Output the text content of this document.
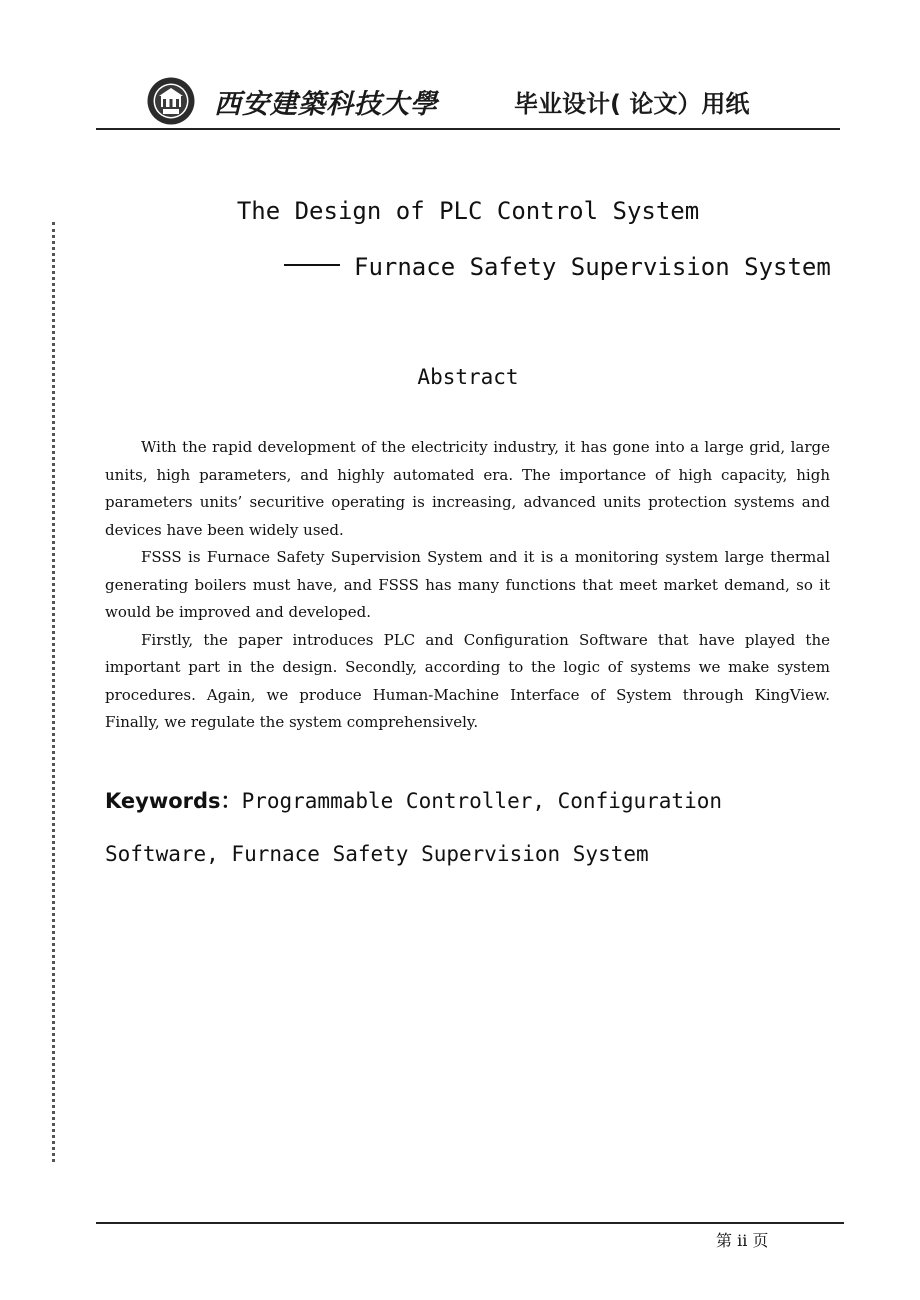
西安建築科技大學	毕业设计( 论文）用纸
The Design of PLC Control System
Furnace Safety Supervision System
Abstract

With the rapid development of the electricity industry, it has gone into a large grid, large units, high parameters, and highly automated era. The importance of high capacity, high parameters units’ securitive operating is increasing, advanced units protection systems and devices have been widely used.

FSSS is Furnace Safety Supervision System and it is a monitoring system large thermal generating boilers must have, and FSSS has many functions that meet market demand, so it would be improved and developed.

Firstly, the paper introduces PLC and Configuration Software that have played the important part in the design. Secondly, according to the logic of systems we make system procedures. Again, we produce Human-Machine Interface of System through KingView. Finally, we regulate the system comprehensively.

Keywords：Programmable Controller, Configuration Software, Furnace Safety Supervision System
第 ii 页
